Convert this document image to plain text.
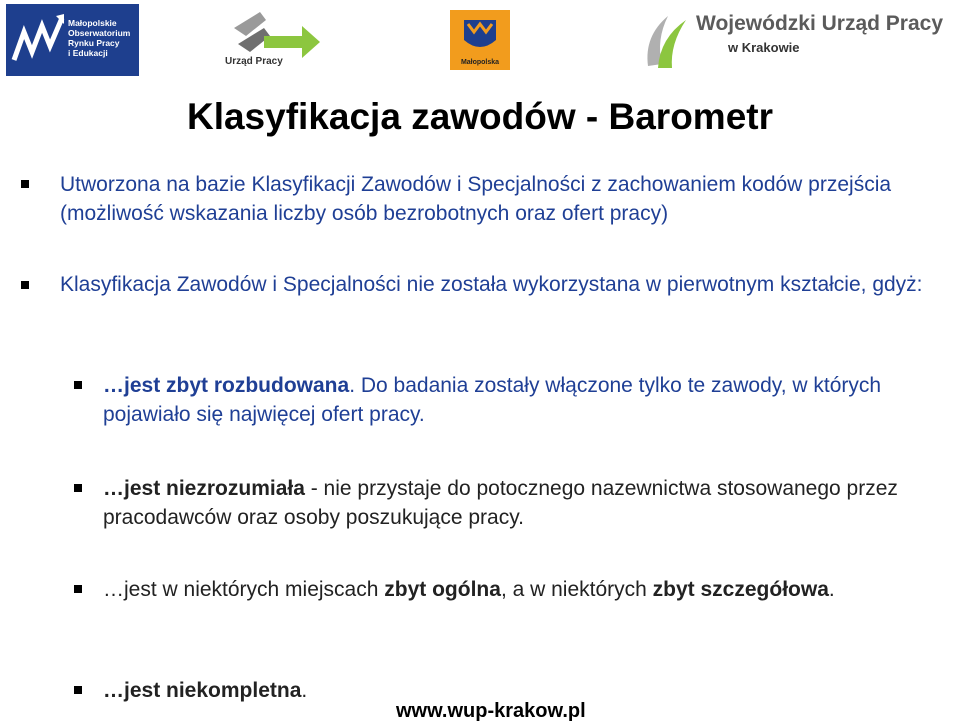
Małopolskie
Obserwatorium
Rynku Pracy
i Edukacji
Urząd Pracy	Małopolska
Wojewódzki Urząd Pracy
w Krakowie
Klasyfikacja zawodów - Barometr

Utworzona na bazie Klasyfikacji Zawodów i Specjalności z zachowaniem kodów przejścia (możliwość wskazania liczby osób bezrobotnych oraz ofert pracy)

Klasyfikacja Zawodów i Specjalności nie została wykorzystana w pierwotnym kształcie, gdyż:

…jest zbyt rozbudowana. Do badania zostały włączone tylko te zawody, w których pojawiało się najwięcej ofert pracy.

…jest niezrozumiała - nie przystaje do potocznego nazewnictwa stosowanego przez pracodawców oraz osoby poszukujące pracy.

…jest w niektórych miejscach zbyt ogólna, a w niektórych zbyt szczegółowa.

…jest niekompletna.

www.wup-krakow.pl
